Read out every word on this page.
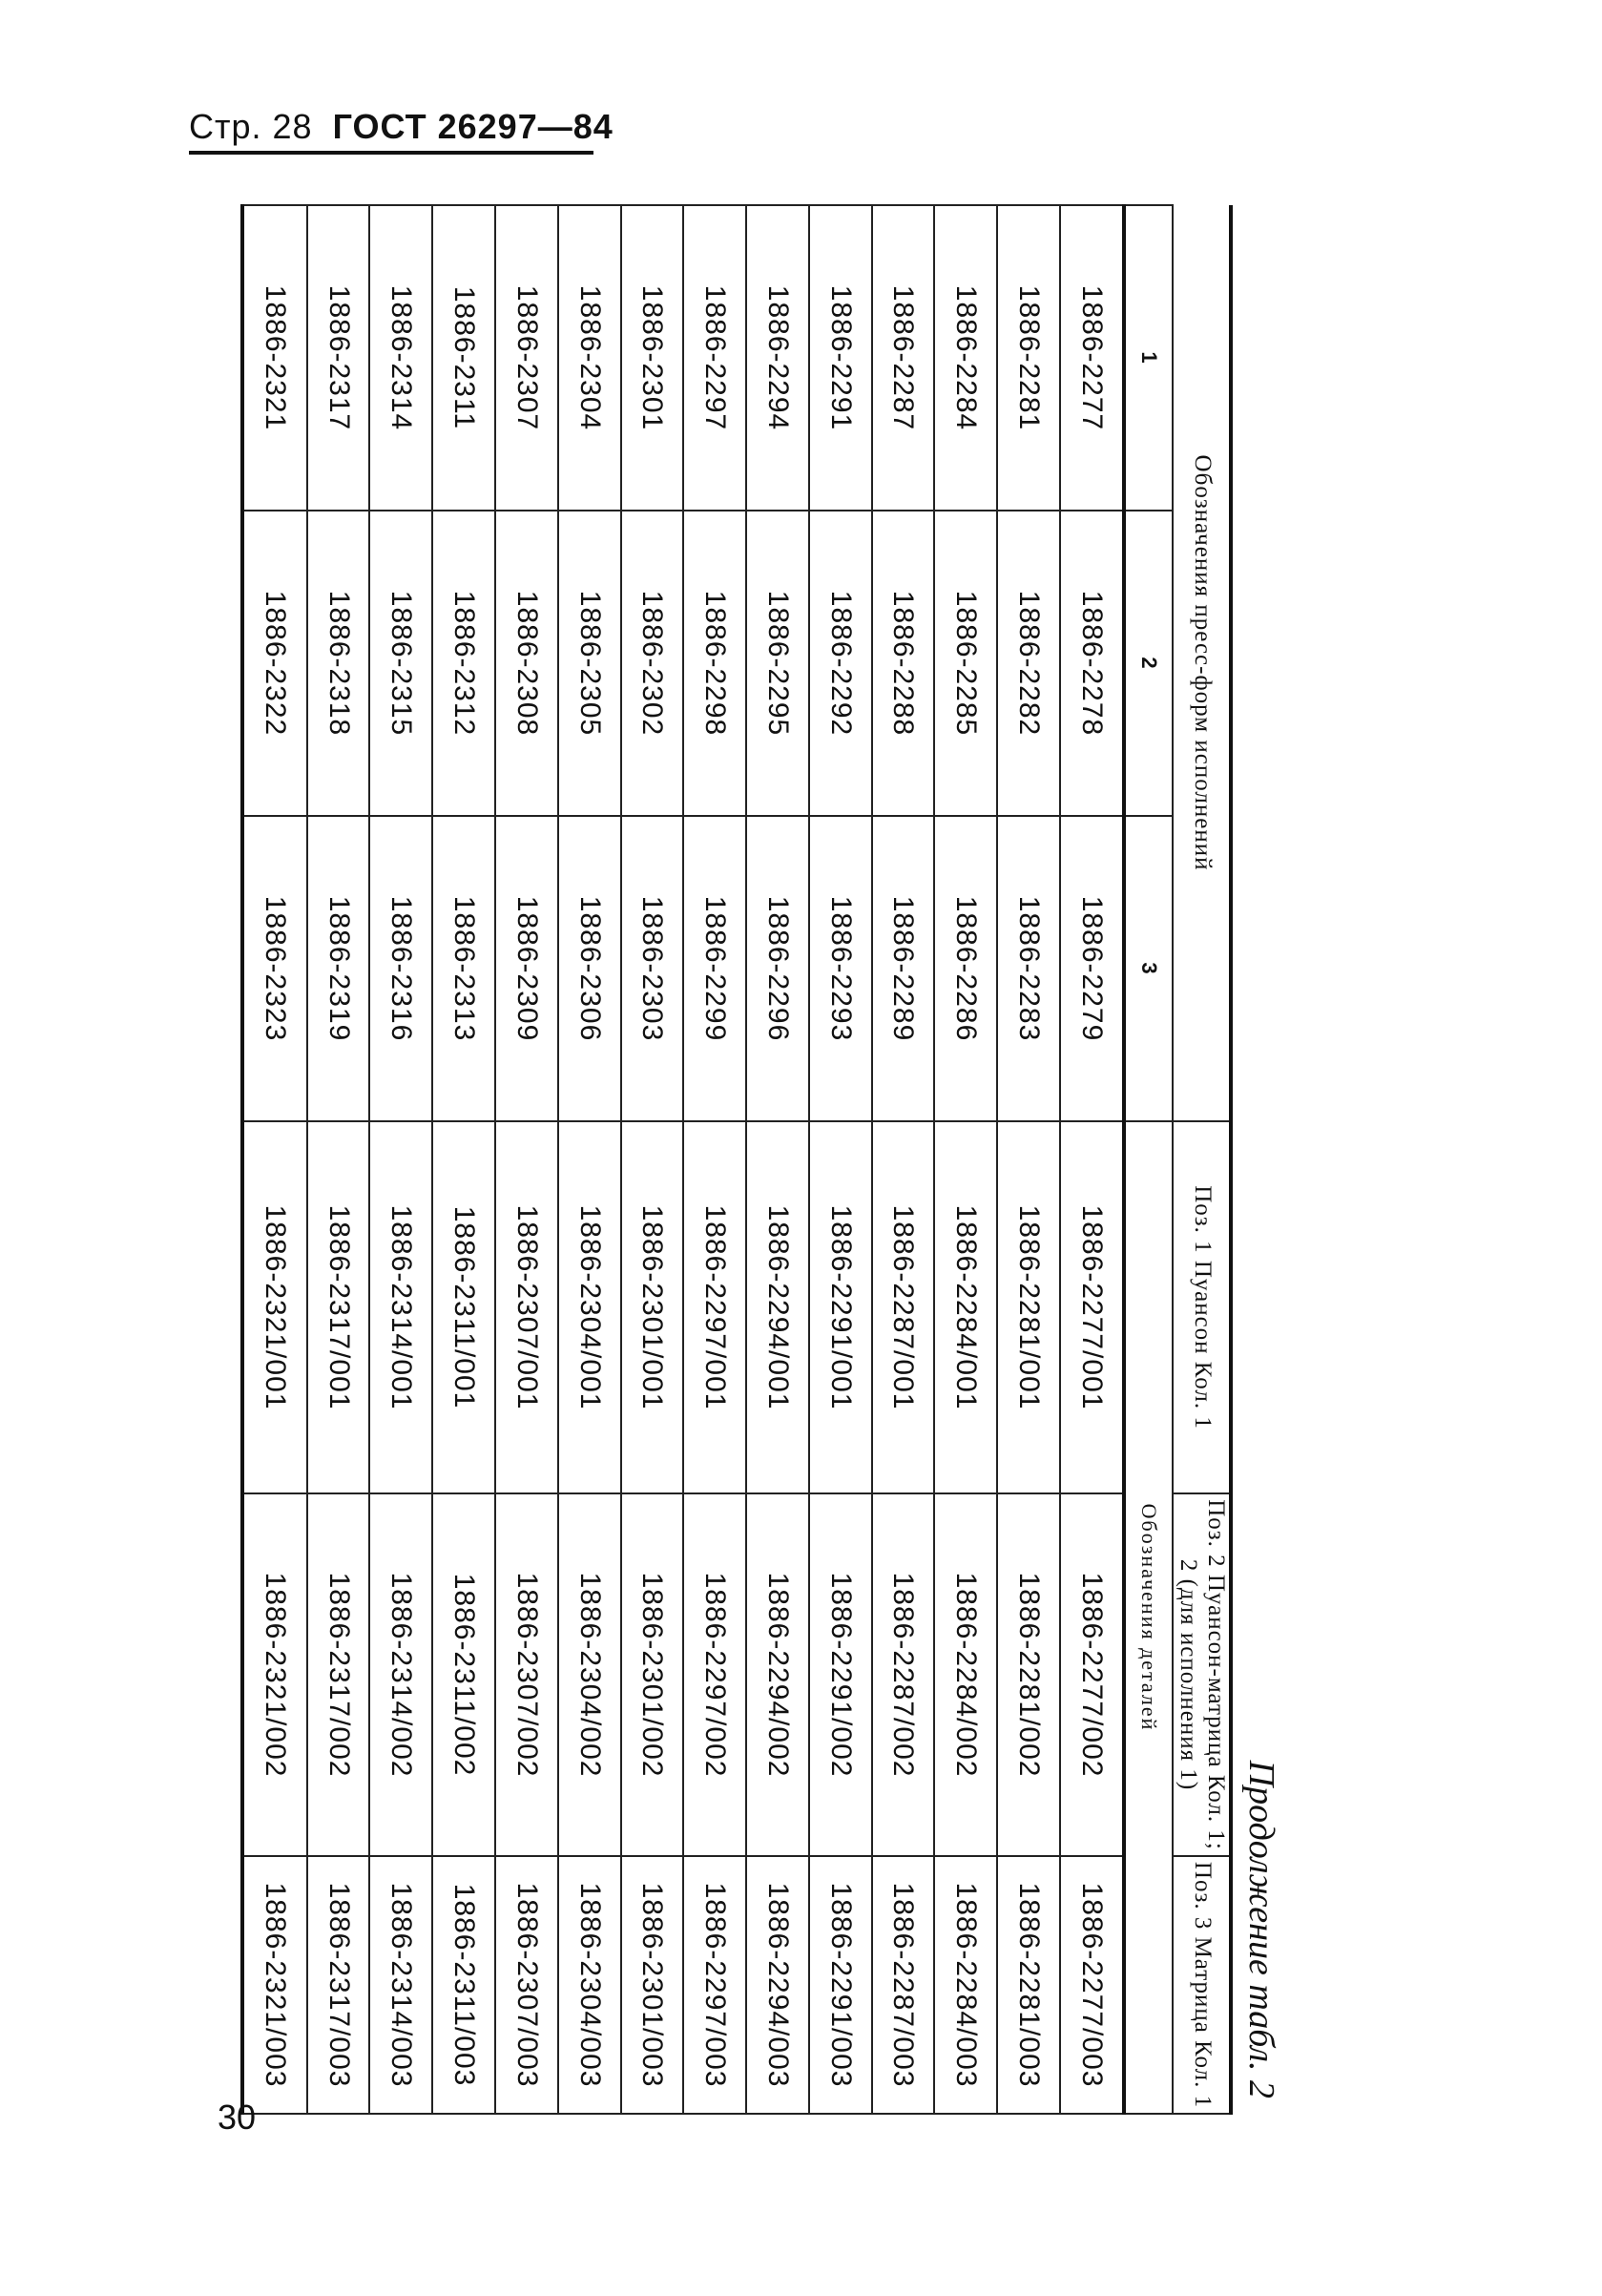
Стр. 28 ГОСТ 26297—84
Продолжение табл. 2
Обозначения пресс-форм исполнений			Поз. 1 Пуансон Кол. 1	Поз. 2 Пуансон-матрица Кол. 1; 2 (для исполнения 1)	Поз. 3 Матрица Кол. 1
1	2	3	Обозначения деталей		
1886-2277	1886-2278	1886-2279	1886-2277/001	1886-2277/002	1886-2277/003
1886-2281	1886-2282	1886-2283	1886-2281/001	1886-2281/002	1886-2281/003
1886-2284	1886-2285	1886-2286	1886-2284/001	1886-2284/002	1886-2284/003
1886-2287	1886-2288	1886-2289	1886-2287/001	1886-2287/002	1886-2287/003
1886-2291	1886-2292	1886-2293	1886-2291/001	1886-2291/002	1886-2291/003
1886-2294	1886-2295	1886-2296	1886-2294/001	1886-2294/002	1886-2294/003
1886-2297	1886-2298	1886-2299	1886-2297/001	1886-2297/002	1886-2297/003
1886-2301	1886-2302	1886-2303	1886-2301/001	1886-2301/002	1886-2301/003
1886-2304	1886-2305	1886-2306	1886-2304/001	1886-2304/002	1886-2304/003
1886-2307	1886-2308	1886-2309	1886-2307/001	1886-2307/002	1886-2307/003
1886-2311	1886-2312	1886-2313	1886-2311/001	1886-2311/002	1886-2311/003
1886-2314	1886-2315	1886-2316	1886-2314/001	1886-2314/002	1886-2314/003
1886-2317	1886-2318	1886-2319	1886-2317/001	1886-2317/002	1886-2317/003
1886-2321	1886-2322	1886-2323	1886-2321/001	1886-2321/002	1886-2321/003
30
